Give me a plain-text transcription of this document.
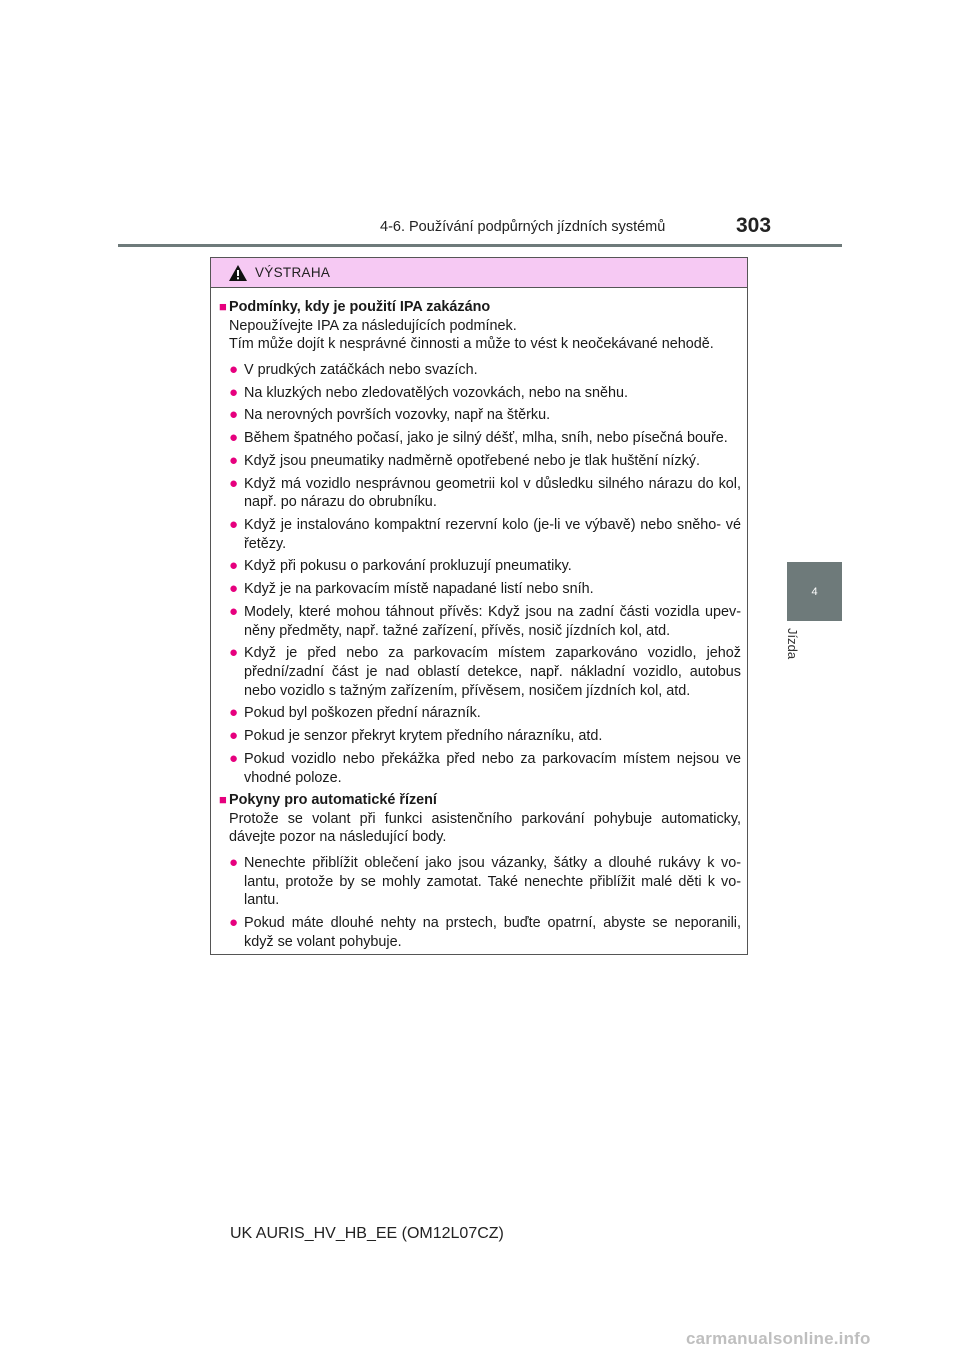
4-6. Používání podpůrných jízdních systémů	303
4
Jízda
VÝSTRAHA
■ Podmínky, kdy je použití IPA zakázáno
Nepoužívejte IPA za následujících podmínek.
Tím může dojít k nesprávné činnosti a může to vést k neočekávané nehodě.
● V prudkých zatáčkách nebo svazích.
● Na kluzkých nebo zledovatělých vozovkách, nebo na sněhu.
● Na nerovných površích vozovky, např na štěrku.
● Během špatného počasí, jako je silný déšť, mlha, sníh, nebo písečná bouře.
● Když jsou pneumatiky nadměrně opotřebené nebo je tlak huštění nízký.
● Když má vozidlo nesprávnou geometrii kol v důsledku silného nárazu do kol, např. po nárazu do obrubníku.
● Když je instalováno kompaktní rezervní kolo (je-li ve výbavě) nebo sněho- vé řetězy.
● Když při pokusu o parkování prokluzují pneumatiky.
● Když je na parkovacím místě napadané listí nebo sníh.
● Modely, které mohou táhnout přívěs: Když jsou na zadní části vozidla upev- něny předměty, např. tažné zařízení, přívěs, nosič jízdních kol, atd.
● Když je před nebo za parkovacím místem zaparkováno vozidlo, jehož přední/zadní část je nad oblastí detekce, např. nákladní vozidlo, autobus nebo vozidlo s tažným zařízením, přívěsem, nosičem jízdních kol, atd.
● Pokud byl poškozen přední nárazník.
● Pokud je senzor překryt krytem předního nárazníku, atd.
● Pokud vozidlo nebo překážka před nebo za parkovacím místem nejsou ve vhodné poloze.
■ Pokyny pro automatické řízení
Protože se volant při funkci asistenčního parkování pohybuje automaticky, dávejte pozor na následující body.
● Nenechte přiblížit oblečení jako jsou vázanky, šátky a dlouhé rukávy k vo- lantu, protože by se mohly zamotat. Také nenechte přiblížit malé děti k vo- lantu.
● Pokud máte dlouhé nehty na prstech, buďte opatrní, abyste se neporanili, když se volant pohybuje.
UK AURIS_HV_HB_EE (OM12L07CZ)
carmanualsonline.info
